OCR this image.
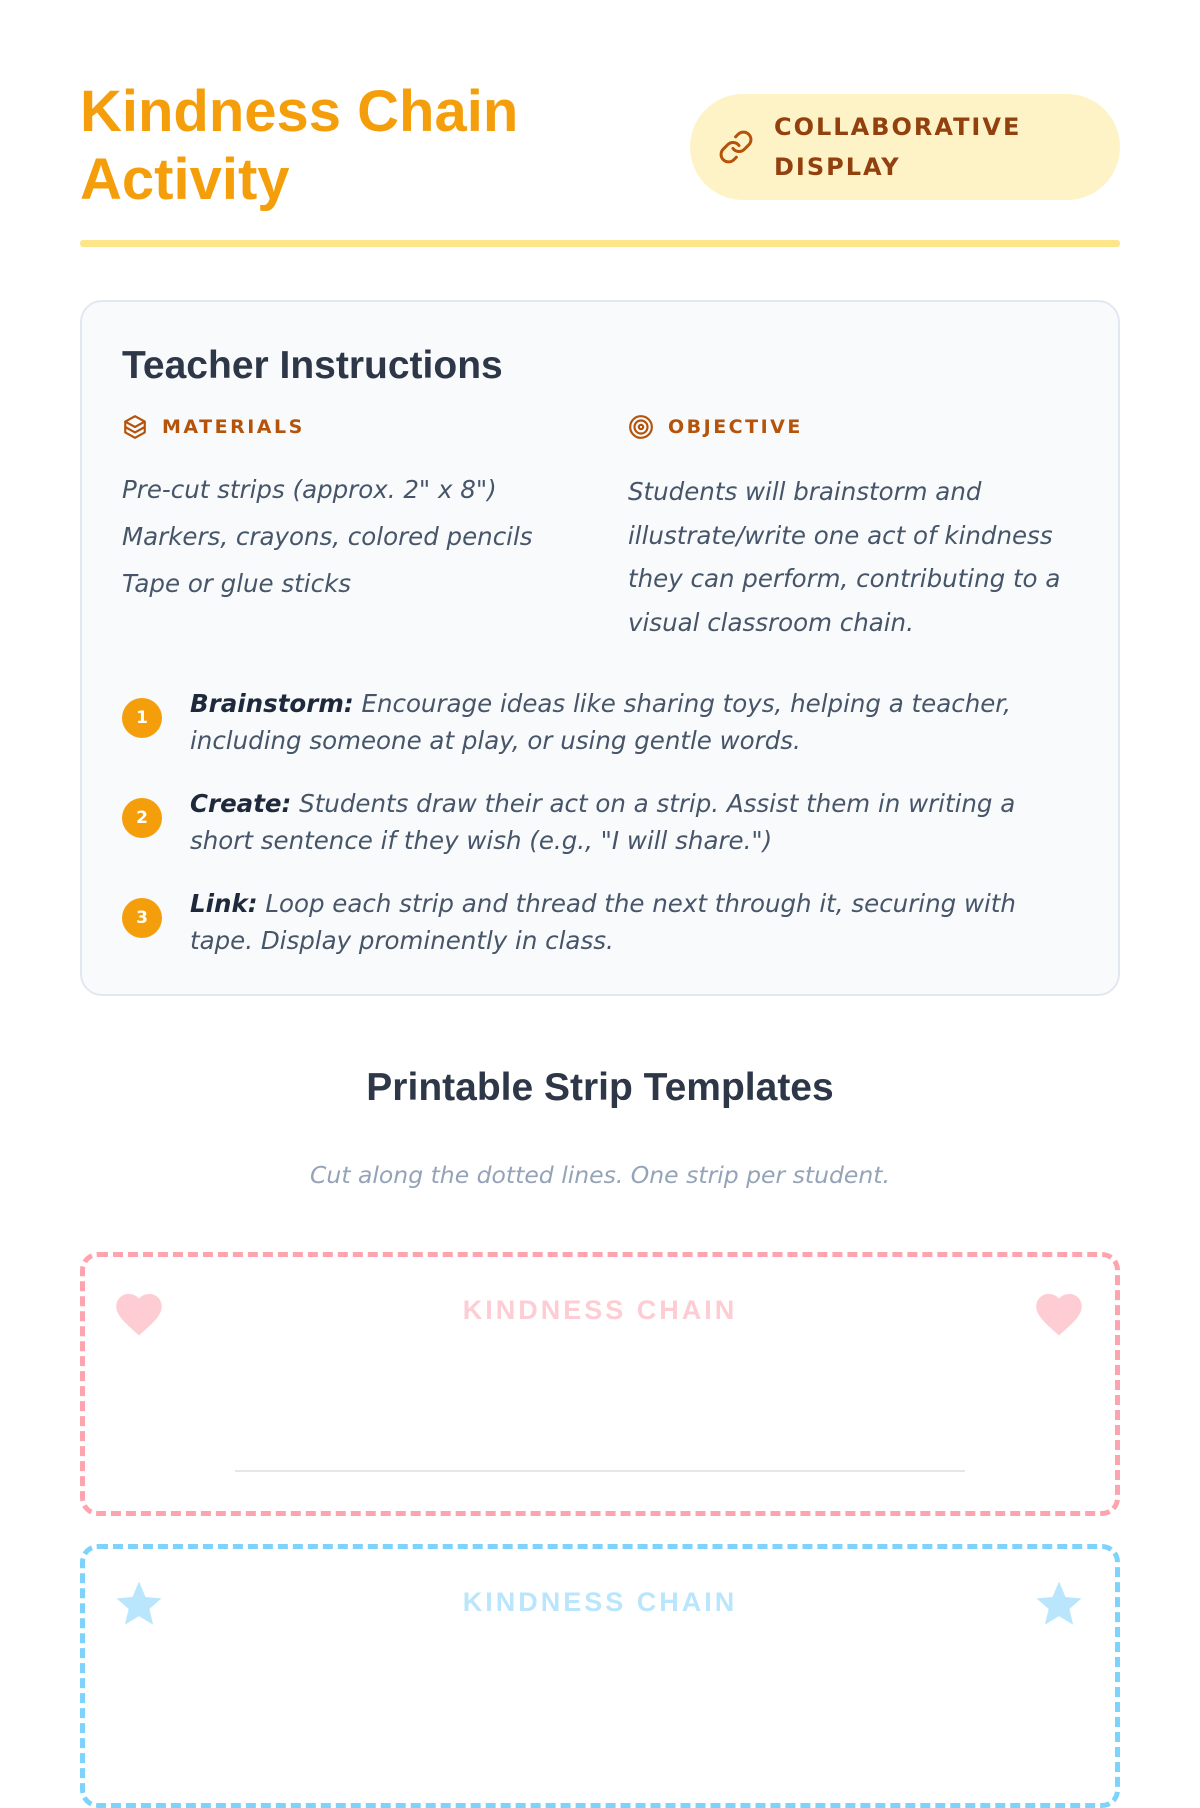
Kindness Chain Activity
COLLABORATIVE DISPLAY
Teacher Instructions
MATERIALS
Pre-cut strips (approx. 2" x 8")
Markers, crayons, colored pencils
Tape or glue sticks
OBJECTIVE

Students will brainstorm and illustrate/write one act of kindness they can perform, contributing to a visual classroom chain.

1	Brainstorm: Encourage ideas like sharing toys, helping a teacher, including someone at play, or using gentle words.
2	Create: Students draw their act on a strip. Assist them in writing a short sentence if they wish (e.g., "I will share.")
3	Link: Loop each strip and thread the next through it, securing with tape. Display prominently in class.
Printable Strip Templates
Cut along the dotted lines. One strip per student.
KINDNESS CHAIN
KINDNESS CHAIN
